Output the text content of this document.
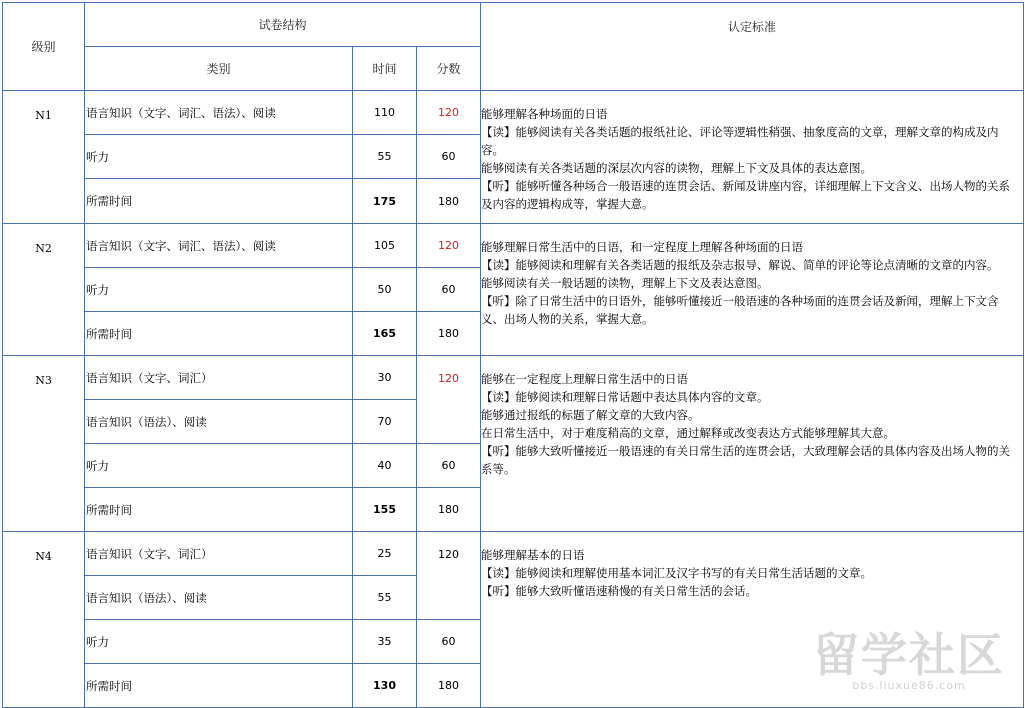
级别	试卷结构			认定标准
	类别	时间	分数	
N1	语言知识（文字、词汇、语法）、阅读	110	120	能够理解各种场面的日语
【读】能够阅读有关各类话题的报纸社论、评论等逻辑性稍强、抽象度高的文章，理解文章的构成及内容。
能够阅读有关各类话题的深层次内容的读物，理解上下文及具体的表达意图。
【听】能够听懂各种场合一般语速的连贯会话、新闻及讲座内容，详细理解上下文含义、出场人物的关系及内容的逻辑构成等，掌握大意。

	听力	55	60	
	所需时间	175	180	
N2	语言知识（文字、词汇、语法）、阅读	105	120	能够理解日常生活中的日语，和一定程度上理解各种场面的日语
【读】能够阅读和理解有关各类话题的报纸及杂志报导、解说、简单的评论等论点清晰的文章的内容。
能够阅读有关一般话题的读物，理解上下文及表达意图。
【听】除了日常生活中的日语外，能够听懂接近一般语速的各种场面的连贯会话及新闻，理解上下文含义、出场人物的关系，掌握大意。

	听力	50	60	
	所需时间	165	180	
N3	语言知识（文字、词汇）	30	120	能够在一定程度上理解日常生活中的日语
【读】能够阅读和理解日常话题中表达具体内容的文章。
能够通过报纸的标题了解文章的大致内容。
在日常生活中，对于难度稍高的文章，通过解释或改变表达方式能够理解其大意。
【听】能够大致听懂接近一般语速的有关日常生活的连贯会话，大致理解会话的具体内容及出场人物的关系等。

	语言知识（语法）、阅读	70		
	听力	40	60	
	所需时间	155	180	
N4	语言知识（文字、词汇）	25	120	能够理解基本的日语
【读】能够阅读和理解使用基本词汇及汉字书写的有关日常生活话题的文章。
【听】能够大致听懂语速稍慢的有关日常生活的会话。

	语言知识（语法）、阅读	55		
	听力	35	60	
	所需时间	130	180	
留学社区
bbs.liuxue86.com
